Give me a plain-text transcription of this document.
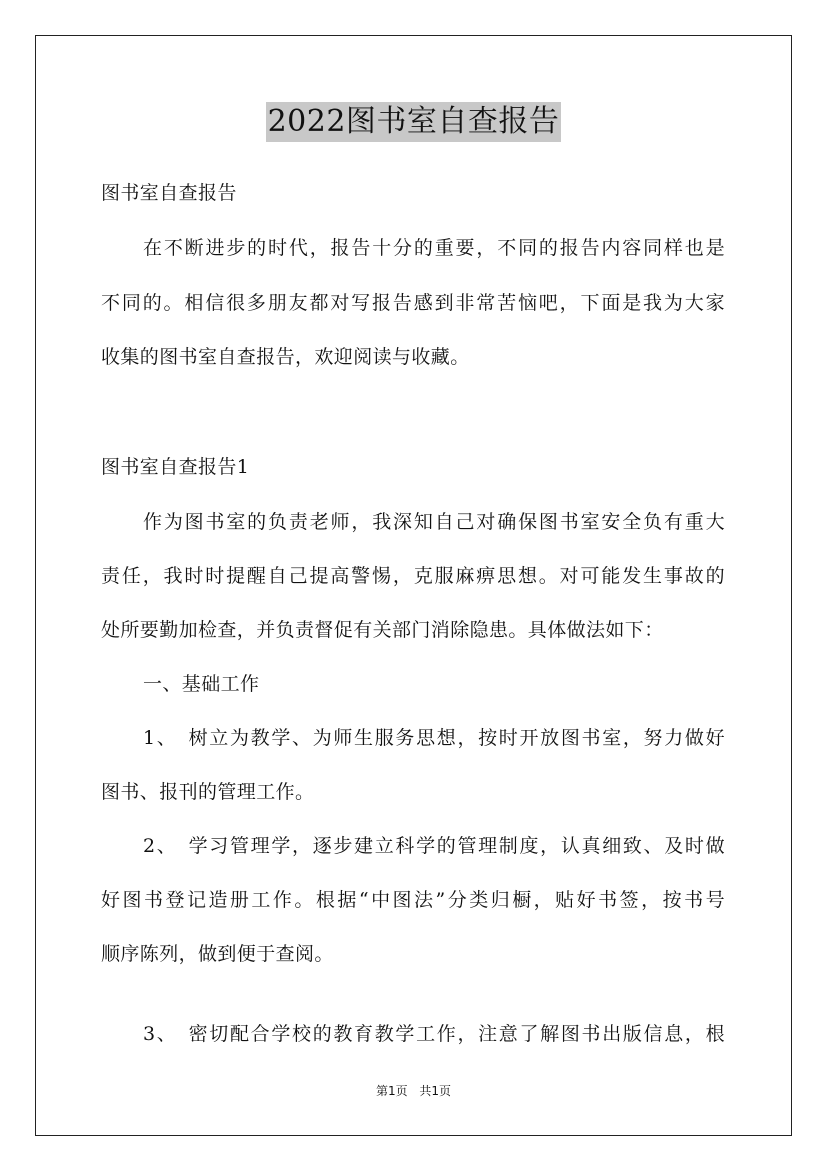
2022图书室自查报告
图书室自查报告
在不断进步的时代，报告十分的重要，不同的报告内容同样也是
不同的。相信很多朋友都对写报告感到非常苦恼吧，下面是我为大家
收集的图书室自查报告，欢迎阅读与收藏。
图书室自查报告1
作为图书室的负责老师，我深知自己对确保图书室安全负有重大
责任，我时时提醒自己提高警惕，克服麻痹思想。对可能发生事故的
处所要勤加检查，并负责督促有关部门消除隐患。具体做法如下：
一、基础工作
1、　树立为教学、为师生服务思想，按时开放图书室，努力做好
图书、报刊的管理工作。
2、　学习管理学，逐步建立科学的管理制度，认真细致、及时做
好图书登记造册工作。根据“中图法”分类归橱，贴好书签，按书号
顺序陈列，做到便于查阅。
3、　密切配合学校的教育教学工作，注意了解图书出版信息，根
第1页 共1页
